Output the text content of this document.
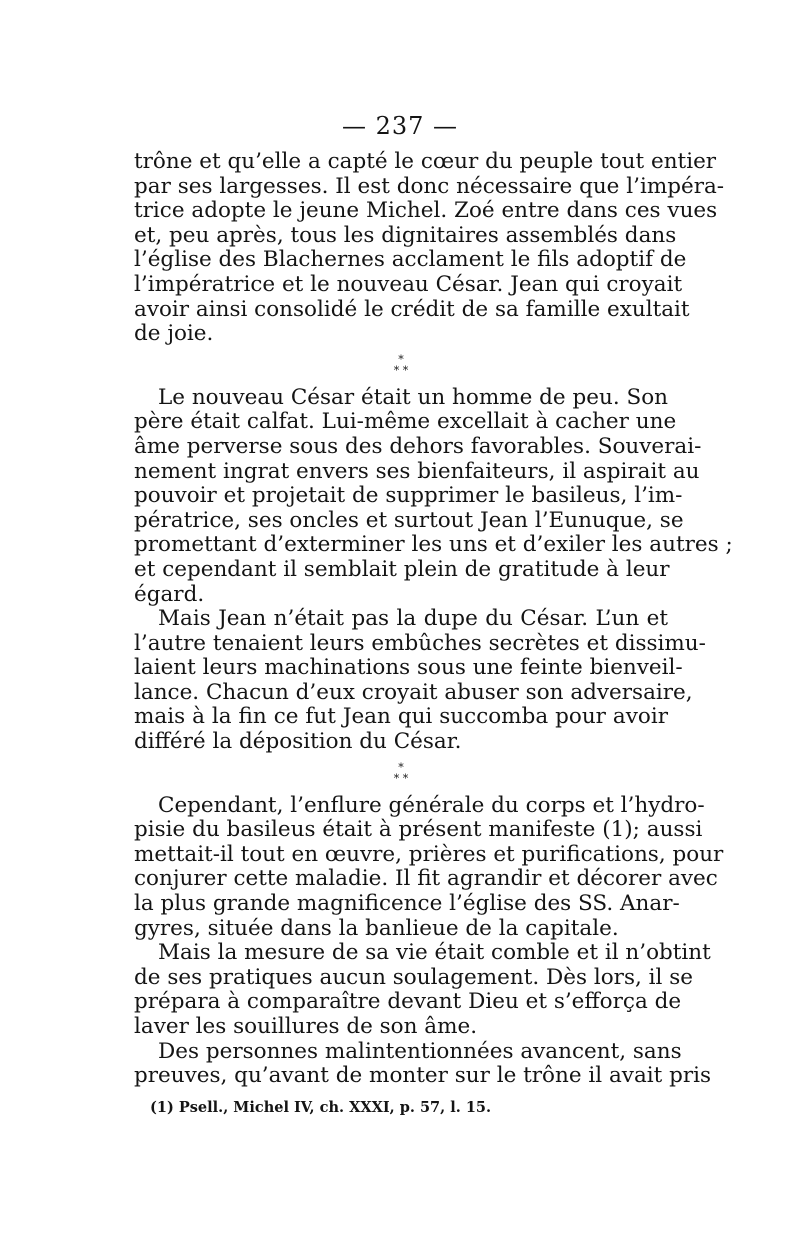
— 237 —
trône et qu’elle a capté le cœur du peuple tout entier
par ses largesses. Il est donc nécessaire que l’impéra-
trice adopte le jeune Michel. Zoé entre dans ces vues
et, peu après, tous les dignitaires assemblés dans
l’église des Blachernes acclament le fils adoptif de
l’impératrice et le nouveau César. Jean qui croyait
avoir ainsi consolidé le crédit de sa famille exultait
de joie.
*
* *
Le nouveau César était un homme de peu. Son
père était calfat. Lui-même excellait à cacher une
âme perverse sous des dehors favorables. Souverai-
nement ingrat envers ses bienfaiteurs, il aspirait au
pouvoir et projetait de supprimer le basileus, l’im-
pératrice, ses oncles et surtout Jean l’Eunuque, se
promettant d’exterminer les uns et d’exiler les autres ;
et cependant il semblait plein de gratitude à leur
égard.
Mais Jean n’était pas la dupe du César. L’un et
l’autre tenaient leurs embûches secrètes et dissimu-
laient leurs machinations sous une feinte bienveil-
lance. Chacun d’eux croyait abuser son adversaire,
mais à la fin ce fut Jean qui succomba pour avoir
différé la déposition du César.
*
* *
Cependant, l’enflure générale du corps et l’hydro-
pisie du basileus était à présent manifeste (1); aussi
mettait-il tout en œuvre, prières et purifications, pour
conjurer cette maladie. Il fit agrandir et décorer avec
la plus grande magnificence l’église des SS. Anar-
gyres, située dans la banlieue de la capitale.
Mais la mesure de sa vie était comble et il n’obtint
de ses pratiques aucun soulagement. Dès lors, il se
prépara à comparaître devant Dieu et s’efforça de
laver les souillures de son âme.
Des personnes malintentionnées avancent, sans
preuves, qu’avant de monter sur le trône il avait pris
(1) Psell., Michel IV, ch. XXXI, p. 57, l. 15.
